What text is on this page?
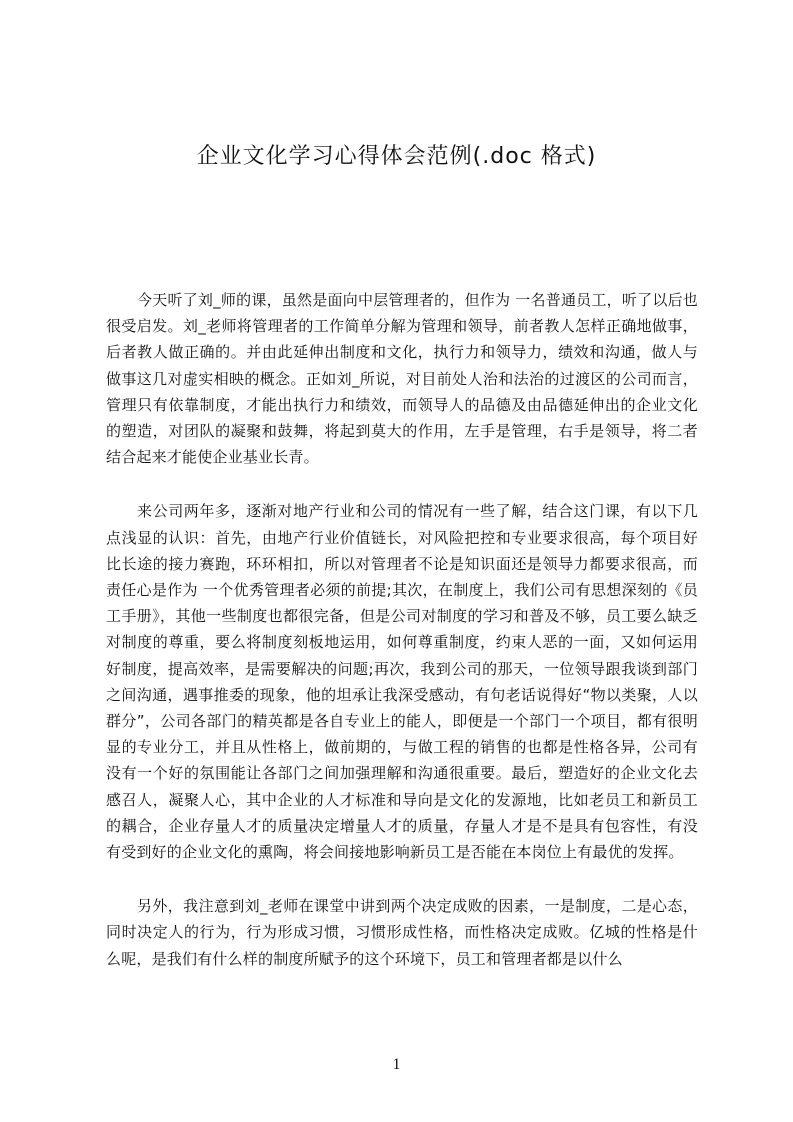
企业文化学习心得体会范例(.doc 格式)

今天听了刘_师的课，虽然是面向中层管理者的，但作为 一名普通员工，听了以后也很受启发。刘_老师将管理者的工作简单分解为管理和领导，前者教人怎样正确地做事，后者教人做正确的。并由此延伸出制度和文化，执行力和领导力，绩效和沟通，做人与做事这几对虚实相映的概念。正如刘_所说，对目前处人治和法治的过渡区的公司而言，管理只有依靠制度，才能出执行力和绩效，而领导人的品德及由品德延伸出的企业文化的塑造，对团队的凝聚和鼓舞，将起到莫大的作用，左手是管理，右手是领导，将二者结合起来才能使企业基业长青。

来公司两年多，逐渐对地产行业和公司的情况有一些了解，结合这门课，有以下几点浅显的认识：首先，由地产行业价值链长，对风险把控和专业要求很高，每个项目好比长途的接力赛跑，环环相扣，所以对管理者不论是知识面还是领导力都要求很高，而责任心是作为 一个优秀管理者必须的前提;其次，在制度上，我们公司有思想深刻的《员工手册》，其他一些制度也都很完备，但是公司对制度的学习和普及不够，员工要么缺乏对制度的尊重，要么将制度刻板地运用，如何尊重制度，约束人恶的一面，又如何运用好制度，提高效率，是需要解决的问题;再次，我到公司的那天，一位领导跟我谈到部门之间沟通，遇事推委的现象，他的坦承让我深受感动，有句老话说得好“物以类聚，人以群分”，公司各部门的精英都是各自专业上的能人，即便是一个部门一个项目，都有很明显的专业分工，并且从性格上，做前期的，与做工程的销售的也都是性格各异，公司有没有一个好的氛围能让各部门之间加强理解和沟通很重要。最后，塑造好的企业文化去感召人，凝聚人心，其中企业的人才标准和导向是文化的发源地，比如老员工和新员工的耦合，企业存量人才的质量决定增量人才的质量，存量人才是不是具有包容性，有没有受到好的企业文化的熏陶，将会间接地影响新员工是否能在本岗位上有最优的发挥。

另外，我注意到刘_老师在课堂中讲到两个决定成败的因素，一是制度，二是心态，同时决定人的行为，行为形成习惯，习惯形成性格，而性格决定成败。亿城的性格是什么呢，是我们有什么样的制度所赋予的这个环境下，员工和管理者都是以什么

1
